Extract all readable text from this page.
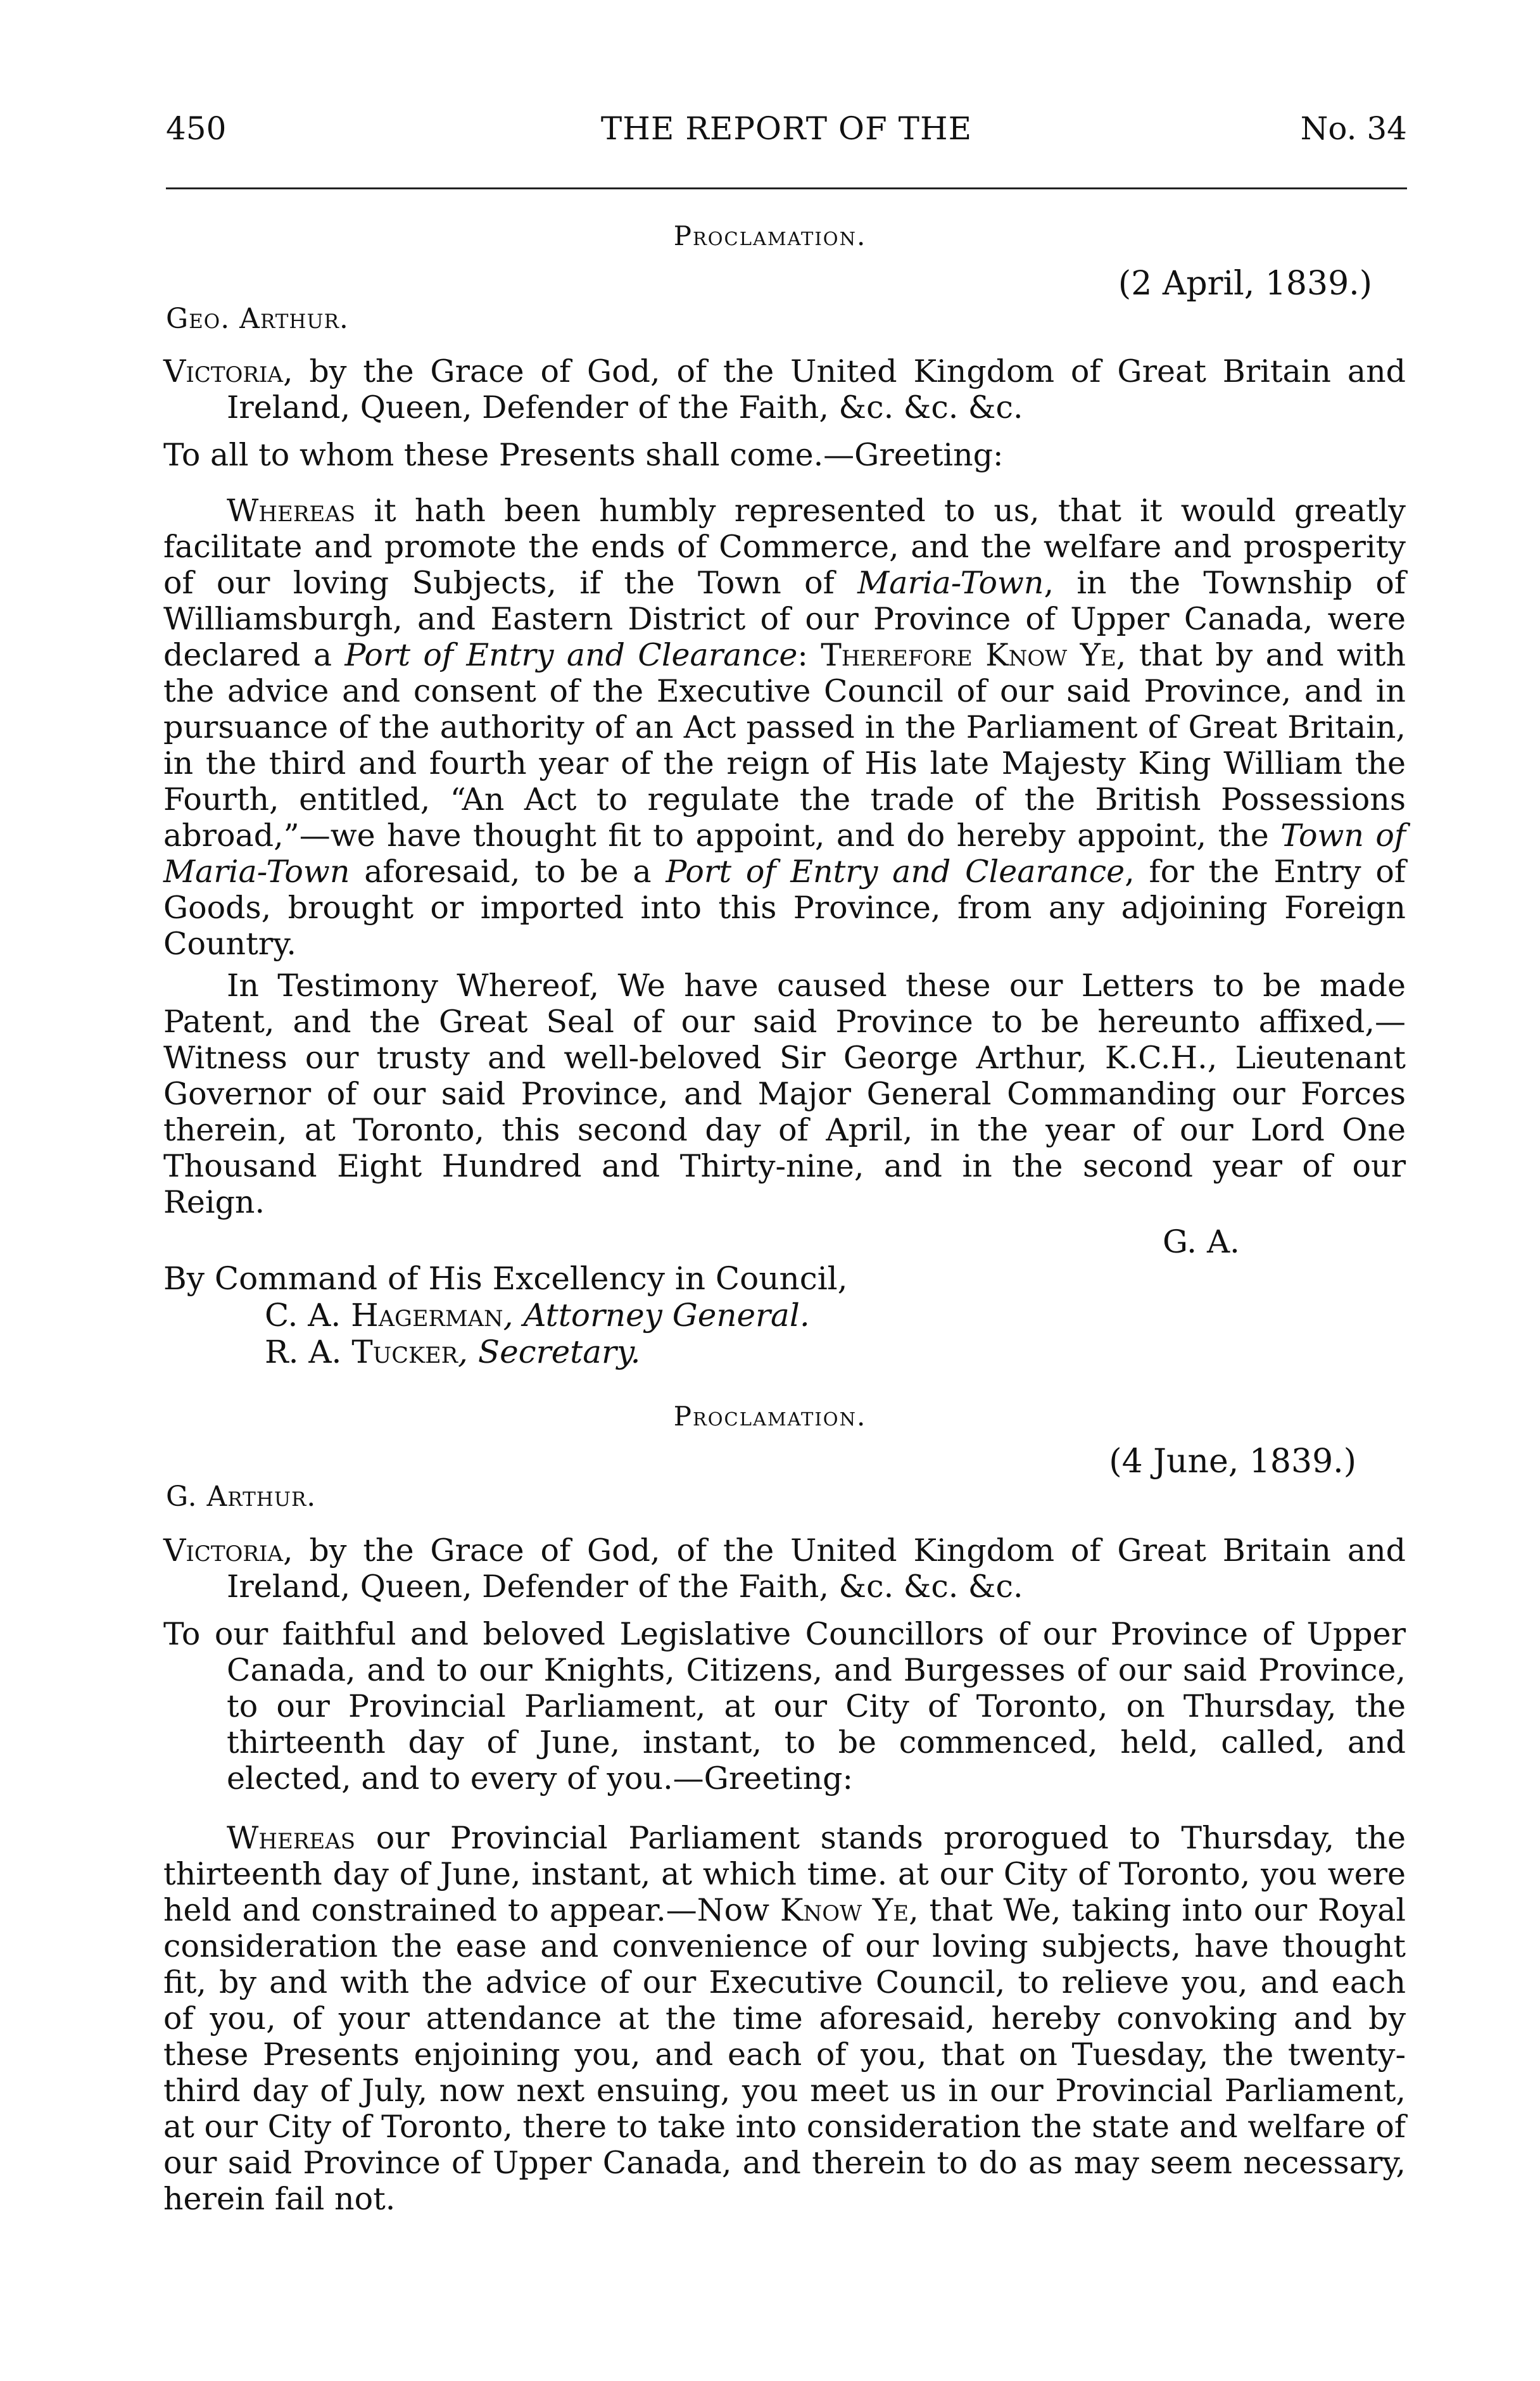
450	THE REPORT OF THE	No. 34
Proclamation.
(2 April, 1839.)
Geo. Arthur.
Victoria, by the Grace of God, of the United Kingdom of Great Britain and Ireland, Queen, Defender of the Faith, &c. &c. &c.
To all to whom these Presents shall come.—Greeting:
Whereas it hath been humbly represented to us, that it would greatly facilitate and promote the ends of Commerce, and the welfare and prosperity of our loving Subjects, if the Town of Maria-Town, in the Township of Williamsburgh, and Eastern District of our Province of Upper Canada, were declared a Port of Entry and Clearance: Therefore Know Ye, that by and with the advice and consent of the Executive Council of our said Province, and in pursuance of the authority of an Act passed in the Parliament of Great Britain, in the third and fourth year of the reign of His late Majesty King William the Fourth, entitled, “An Act to regulate the trade of the British Possessions abroad,”—we have thought fit to appoint, and do hereby appoint, the Town of Maria-Town aforesaid, to be a Port of Entry and Clearance, for the Entry of Goods, brought or imported into this Province, from any adjoining Foreign Country.
In Testimony Whereof, We have caused these our Letters to be made Patent, and the Great Seal of our said Province to be hereunto affixed,—Witness our trusty and well-beloved Sir George Arthur, K.C.H., Lieutenant Governor of our said Province, and Major General Commanding our Forces therein, at Toronto, this second day of April, in the year of our Lord One Thousand Eight Hundred and Thirty-nine, and in the second year of our Reign.
G. A.
By Command of His Excellency in Council,
C. A. Hagerman, Attorney General.
R. A. Tucker, Secretary.
Proclamation.
(4 June, 1839.)
G. Arthur.
Victoria, by the Grace of God, of the United Kingdom of Great Britain and Ireland, Queen, Defender of the Faith, &c. &c. &c.
To our faithful and beloved Legislative Councillors of our Province of Upper Canada, and to our Knights, Citizens, and Burgesses of our said Province, to our Provincial Parliament, at our City of Toronto, on Thursday, the thirteenth day of June, instant, to be commenced, held, called, and elected, and to every of you.—Greeting:
Whereas our Provincial Parliament stands prorogued to Thursday, the thirteenth day of June, instant, at which time. at our City of Toronto, you were held and constrained to appear.—Now Know Ye, that We, taking into our Royal consideration the ease and convenience of our loving subjects, have thought fit, by and with the advice of our Executive Council, to relieve you, and each of you, of your attendance at the time aforesaid, hereby convoking and by these Presents enjoining you, and each of you, that on Tuesday, the twenty-third day of July, now next ensuing, you meet us in our Provincial Parliament, at our City of Toronto, there to take into consideration the state and welfare of our said Province of Upper Canada, and therein to do as may seem necessary, herein fail not.
